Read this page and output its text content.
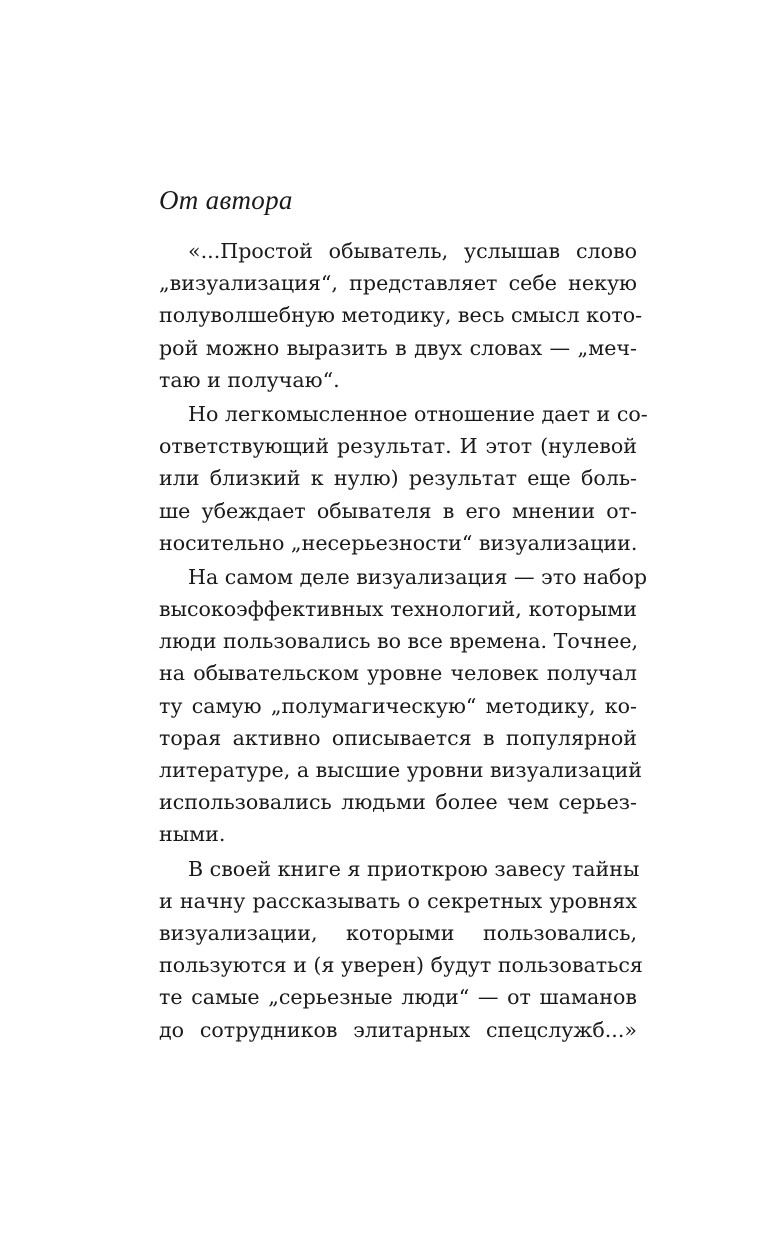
От автора
«...Простой обыватель, услышав слово
„визуализация“, представляет себе некую
полуволшебную методику, весь смысл кото-
рой можно выразить в двух словах — „меч-
таю и получаю“.
Но легкомысленное отношение дает и со-
ответствующий результат. И этот (нулевой
или близкий к нулю) результат еще боль-
ше убеждает обывателя в его мнении от-
носительно „несерьезности“ визуализации.
На самом деле визуализация — это набор
высокоэффективных технологий, которыми
люди пользовались во все времена. Точнее,
на обывательском уровне человек получал
ту самую „полумагическую“ методику, ко-
торая активно описывается в популярной
литературе, а высшие уровни визуализаций
использовались людьми более чем серьез-
ными.
В своей книге я приоткрою завесу тайны
и начну рассказывать о секретных уровнях
визуализации, которыми пользовались,
пользуются и (я уверен) будут пользоваться
те самые „серьезные люди“ — от шаманов
до сотрудников элитарных спецслужб...»
